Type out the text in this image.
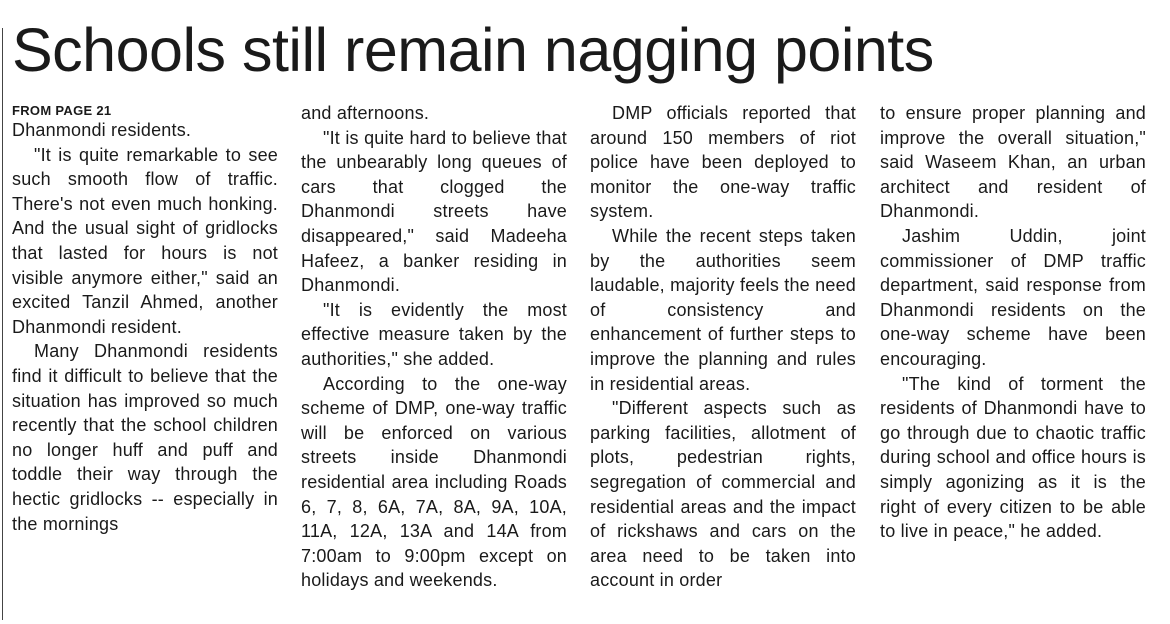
Schools still remain nagging points
FROM PAGE 21

Dhanmondi residents.

"It is quite remarkable to see such smooth flow of traffic. There's not even much honking. And the usual sight of gridlocks that lasted for hours is not visible anymore either," said an excited Tanzil Ahmed, another Dhanmondi resident.

Many Dhanmondi residents find it difficult to believe that the situation has improved so much recently that the school children no longer huff and puff and toddle their way through the hectic gridlocks -- especially in the mornings

and afternoons.

"It is quite hard to believe that the unbearably long queues of cars that clogged the Dhanmondi streets have disappeared," said Madeeha Hafeez, a banker residing in Dhanmondi.

"It is evidently the most effective measure taken by the authorities," she added.

According to the one-way scheme of DMP, one-way traffic will be enforced on various streets inside Dhanmondi residential area including Roads 6, 7, 8, 6A, 7A, 8A, 9A, 10A, 11A, 12A, 13A and 14A from 7:00am to 9:00pm except on holidays and weekends.

DMP officials reported that around 150 members of riot police have been deployed to monitor the one-way traffic system.

While the recent steps taken by the authorities seem laudable, majority feels the need of consistency and enhancement of further steps to improve the planning and rules in residential areas.

"Different aspects such as parking facilities, allotment of plots, pedestrian rights, segregation of commercial and residential areas and the impact of rickshaws and cars on the area need to be taken into account in order

to ensure proper planning and improve the overall situation," said Waseem Khan, an urban architect and resident of Dhanmondi.

Jashim Uddin, joint commissioner of DMP traffic department, said response from Dhanmondi residents on the one-way scheme have been encouraging.

"The kind of torment the residents of Dhanmondi have to go through due to chaotic traffic during school and office hours is simply agonizing as it is the right of every citizen to be able to live in peace," he added.
